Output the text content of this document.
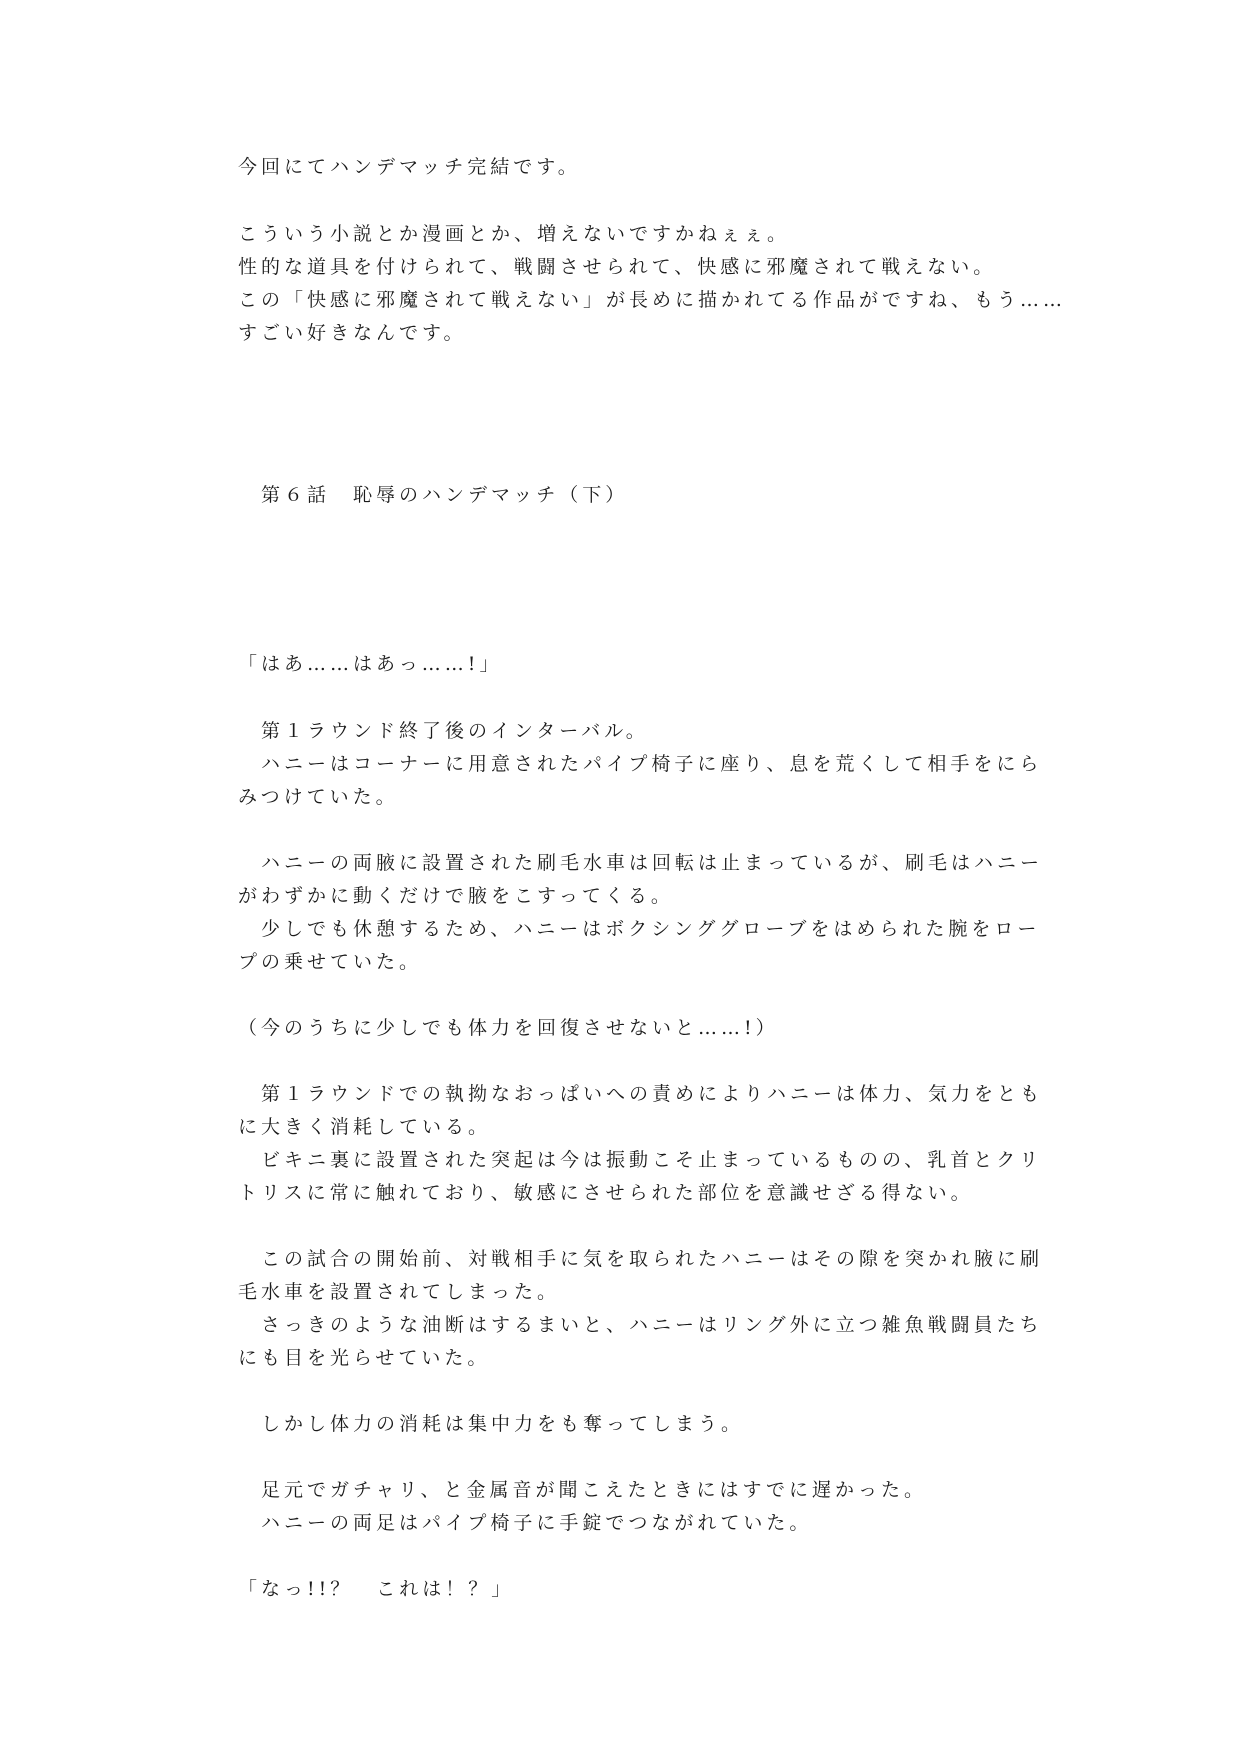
今回にてハンデマッチ完結です。
こういう小説とか漫画とか、増えないですかねぇぇ。
性的な道具を付けられて、戦闘させられて、快感に邪魔されて戦えない。
この「快感に邪魔されて戦えない」が長めに描かれてる作品がですね、もう……
すごい好きなんです。
　第６話　恥辱のハンデマッチ（下）
「はあ……はあっ……!」
　第１ラウンド終了後のインターバル。
　ハニーはコーナーに用意されたパイプ椅子に座り、息を荒くして相手をにら
みつけていた。
　ハニーの両腋に設置された刷毛水車は回転は止まっているが、刷毛はハニー
がわずかに動くだけで腋をこすってくる。
　少しでも休憩するため、ハニーはボクシンググローブをはめられた腕をロー
プの乗せていた。
（今のうちに少しでも体力を回復させないと……!）
　第１ラウンドでの執拗なおっぱいへの責めによりハニーは体力、気力をとも
に大きく消耗している。
　ビキニ裏に設置された突起は今は振動こそ止まっているものの、乳首とクリ
トリスに常に触れており、敏感にさせられた部位を意識せざる得ない。
　この試合の開始前、対戦相手に気を取られたハニーはその隙を突かれ腋に刷
毛水車を設置されてしまった。
　さっきのような油断はするまいと、ハニーはリング外に立つ雑魚戦闘員たち
にも目を光らせていた。
　しかし体力の消耗は集中力をも奪ってしまう。
　足元でガチャリ、と金属音が聞こえたときにはすでに遅かった。
　ハニーの両足はパイプ椅子に手錠でつながれていた。
「なっ!!？　これは！？」
